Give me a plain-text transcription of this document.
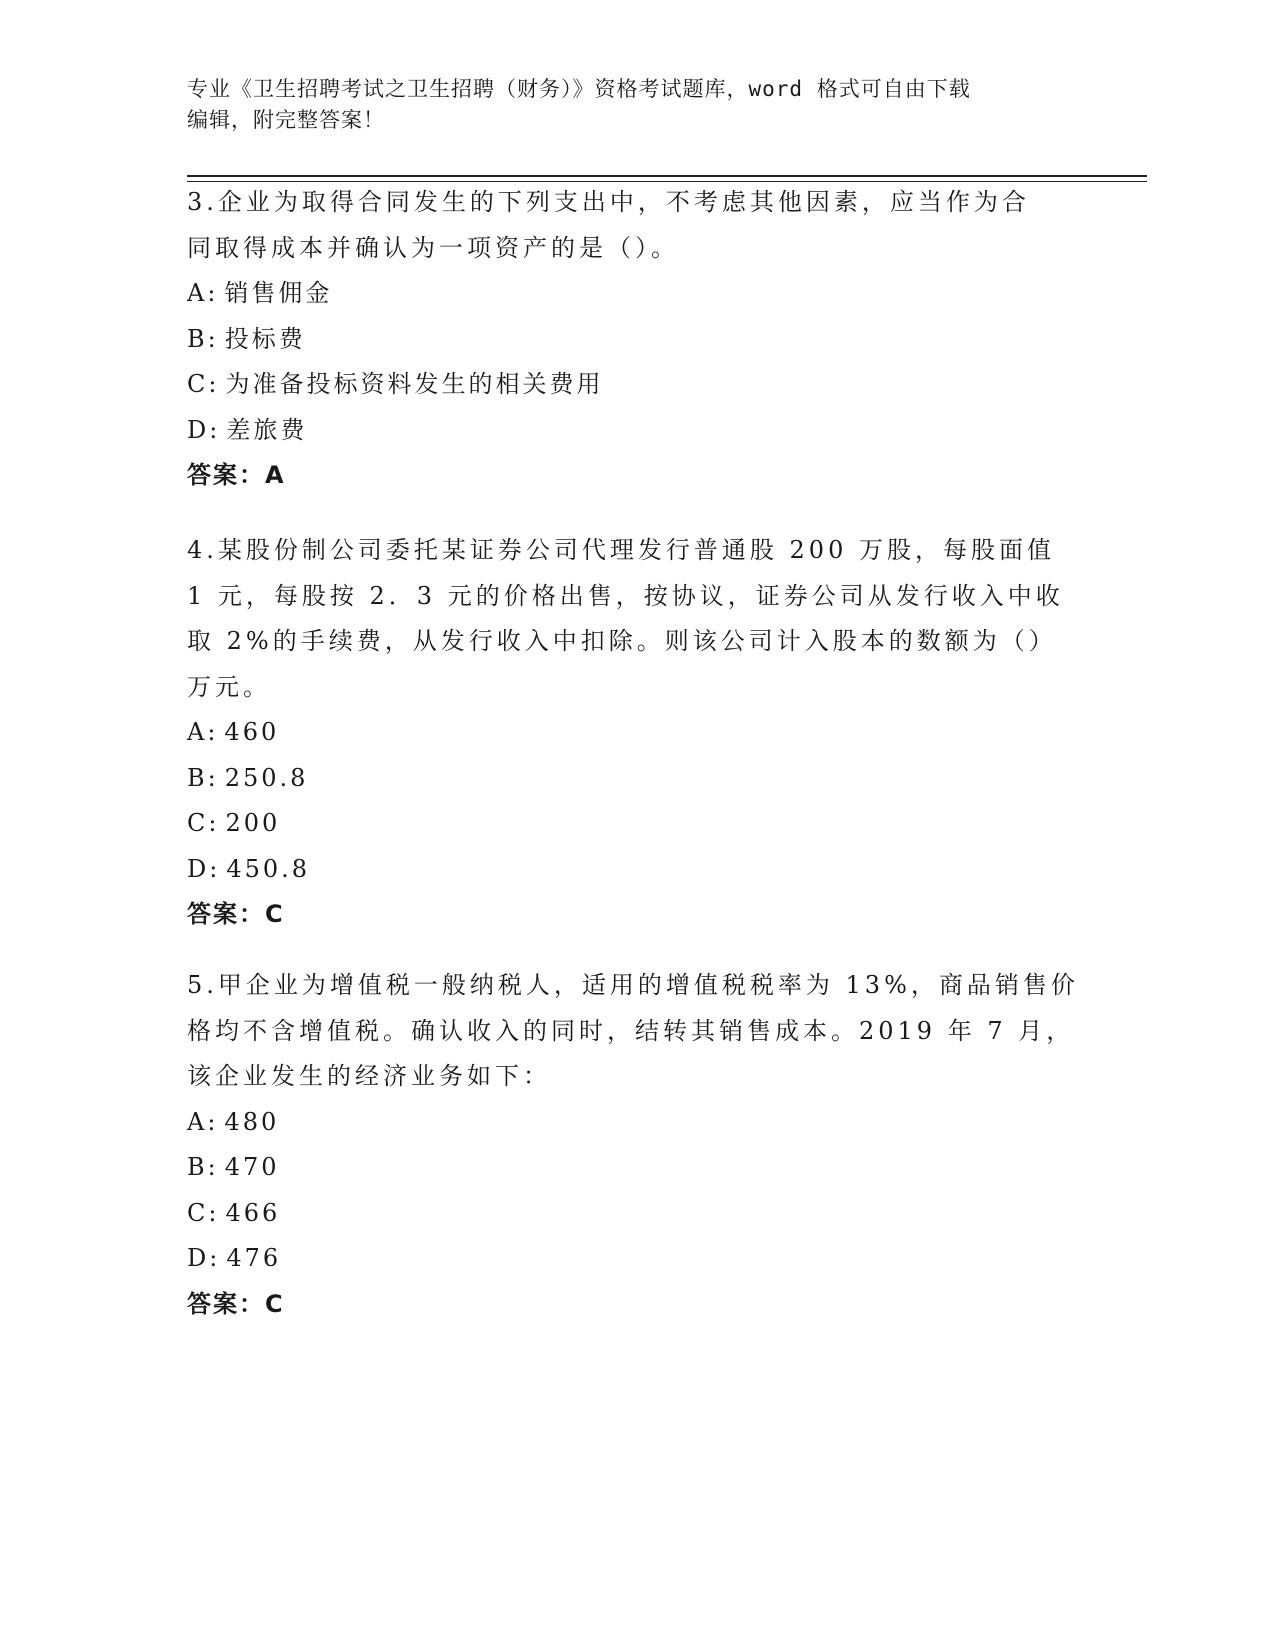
专业《卫生招聘考试之卫生招聘（财务）》资格考试题库，word 格式可自由下载
编辑，附完整答案！
3.企业为取得合同发生的下列支出中，不考虑其他因素，应当作为合
同取得成本并确认为一项资产的是（）。
A: 销售佣金
B: 投标费
C: 为准备投标资料发生的相关费用
D: 差旅费
答案：A
4.某股份制公司委托某证券公司代理发行普通股 200 万股，每股面值
1 元，每股按 2．3 元的价格出售，按协议，证券公司从发行收入中收
取 2%的手续费，从发行收入中扣除。则该公司计入股本的数额为（）
万元。
A: 460
B: 250.8
C: 200
D: 450.8
答案：C
5.甲企业为增值税一般纳税人，适用的增值税税率为 13%，商品销售价
格均不含增值税。确认收入的同时，结转其销售成本。2019 年 7 月，
该企业发生的经济业务如下：
A: 480
B: 470
C: 466
D: 476
答案：C
